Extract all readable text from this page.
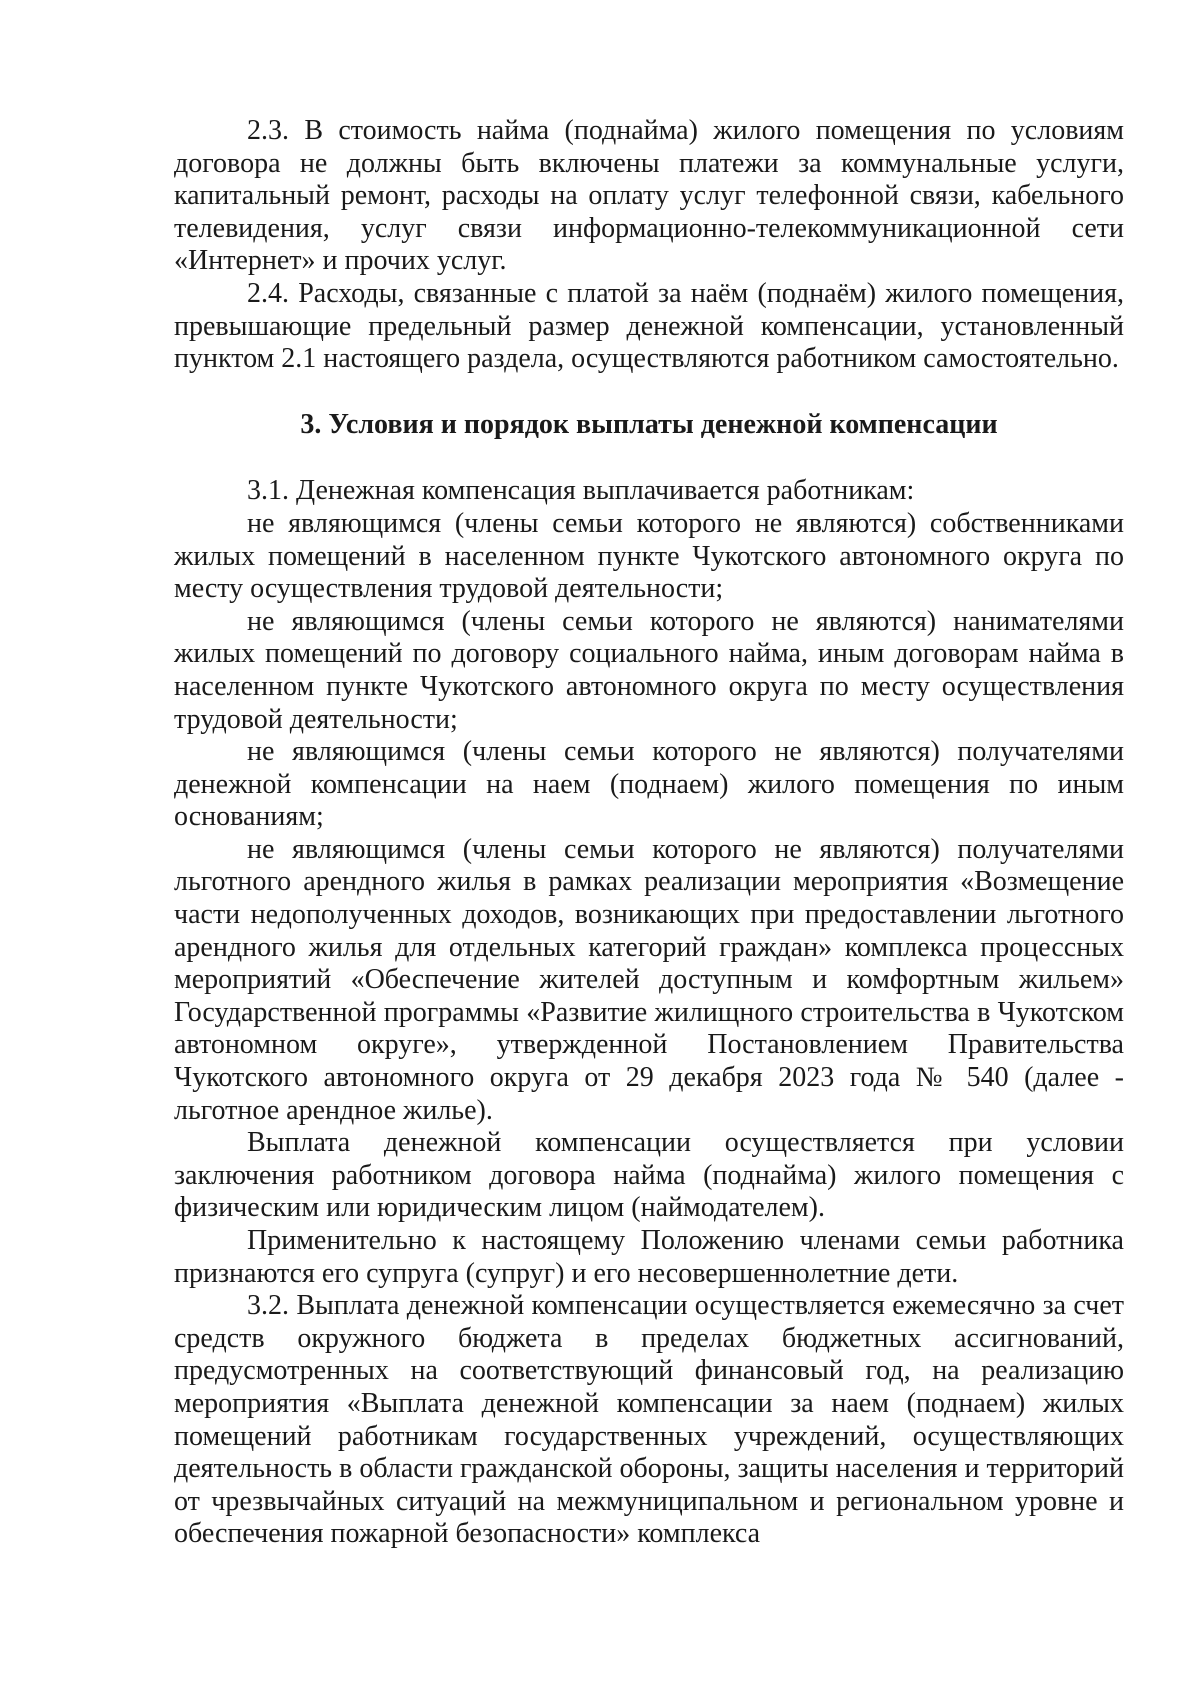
2.3. В стоимость найма (поднайма) жилого помещения по условиям договора не должны быть включены платежи за коммунальные услуги, капитальный ремонт, расходы на оплату услуг телефонной связи, кабельного телевидения, услуг связи информационно-телекоммуникационной сети «Интернет» и прочих услуг.

2.4. Расходы, связанные с платой за наём (поднаём) жилого помещения, превышающие предельный размер денежной компенсации, установленный пунктом 2.1 настоящего раздела, осуществляются работником самостоятельно.

3. Условия и порядок выплаты денежной компенсации

3.1. Денежная компенсация выплачивается работникам:

не являющимся (члены семьи которого не являются) собственниками жилых помещений в населенном пункте Чукотского автономного округа по месту осуществления трудовой деятельности;

не являющимся (члены семьи которого не являются) нанимателями жилых помещений по договору социального найма, иным договорам найма в населенном пункте Чукотского автономного округа по месту осуществления трудовой деятельности;

не являющимся (члены семьи которого не являются) получателями денежной компенсации на наем (поднаем) жилого помещения по иным основаниям;

не являющимся (члены семьи которого не являются) получателями льготного арендного жилья в рамках реализации мероприятия «Возмещение части недополученных доходов, возникающих при предоставлении льготного арендного жилья для отдельных категорий граждан» комплекса процессных мероприятий «Обеспечение жителей доступным и комфортным жильем» Государственной программы «Развитие жилищного строительства в Чукотском автономном округе», утвержденной Постановлением Правительства Чукотского автономного округа от 29 декабря 2023 года № 540 (далее - льготное арендное жилье).

Выплата денежной компенсации осуществляется при условии заключения работником договора найма (поднайма) жилого помещения с физическим или юридическим лицом (наймодателем).

Применительно к настоящему Положению членами семьи работника признаются его супруга (супруг) и его несовершеннолетние дети.

3.2. Выплата денежной компенсации осуществляется ежемесячно за счет средств окружного бюджета в пределах бюджетных ассигнований, предусмотренных на соответствующий финансовый год, на реализацию мероприятия «Выплата денежной компенсации за наем (поднаем) жилых помещений работникам государственных учреждений, осуществляющих деятельность в области гражданской обороны, защиты населения и территорий от чрезвычайных ситуаций на межмуниципальном и региональном уровне и обеспечения пожарной безопасности» комплекса
